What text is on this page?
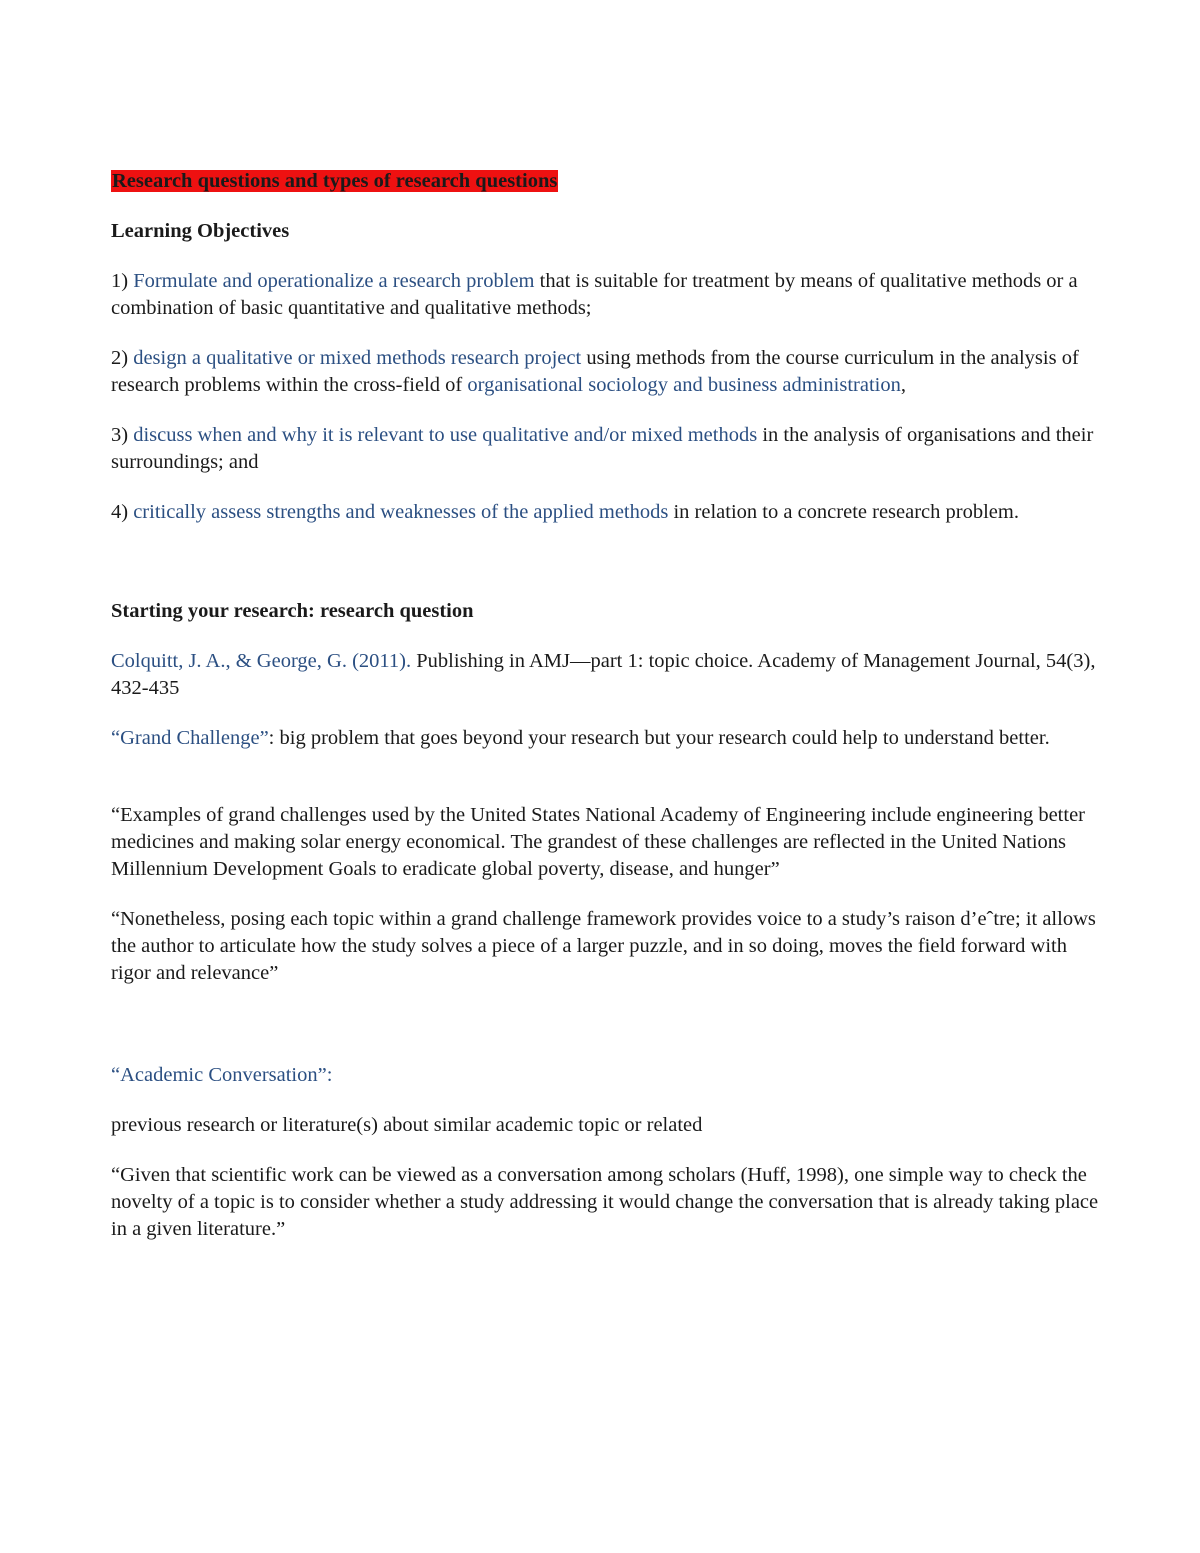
Research questions and types of research questions

Learning Objectives

1) Formulate and operationalize a research problem that is suitable for treatment by means of qualitative methods or a combination of basic quantitative and qualitative methods;

2) design a qualitative or mixed methods research project using methods from the course curriculum in the analysis of research problems within the cross-field of organisational sociology and business administration,

3) discuss when and why it is relevant to use qualitative and/or mixed methods in the analysis of organisations and their surroundings; and

4) critically assess strengths and weaknesses of the applied methods in relation to a concrete research problem.

Starting your research: research question

Colquitt, J. A., & George, G. (2011). Publishing in AMJ—part 1: topic choice. Academy of Management Journal, 54(3), 432-435

“Grand Challenge”: big problem that goes beyond your research but your research could help to understand better.

“Examples of grand challenges used by the United States National Academy of Engineering include engineering better medicines and making solar energy economical. The grandest of these challenges are reflected in the United Nations Millennium Development Goals to eradicate global poverty, disease, and hunger”

“Nonetheless, posing each topic within a grand challenge framework provides voice to a study’s raison d’eˆtre; it allows the author to articulate how the study solves a piece of a larger puzzle, and in so doing, moves the field forward with rigor and relevance”

“Academic Conversation”:

previous research or literature(s) about similar academic topic or related

“Given that scientific work can be viewed as a conversation among scholars (Huff, 1998), one simple way to check the novelty of a topic is to consider whether a study addressing it would change the conversation that is already taking place in a given literature.”
